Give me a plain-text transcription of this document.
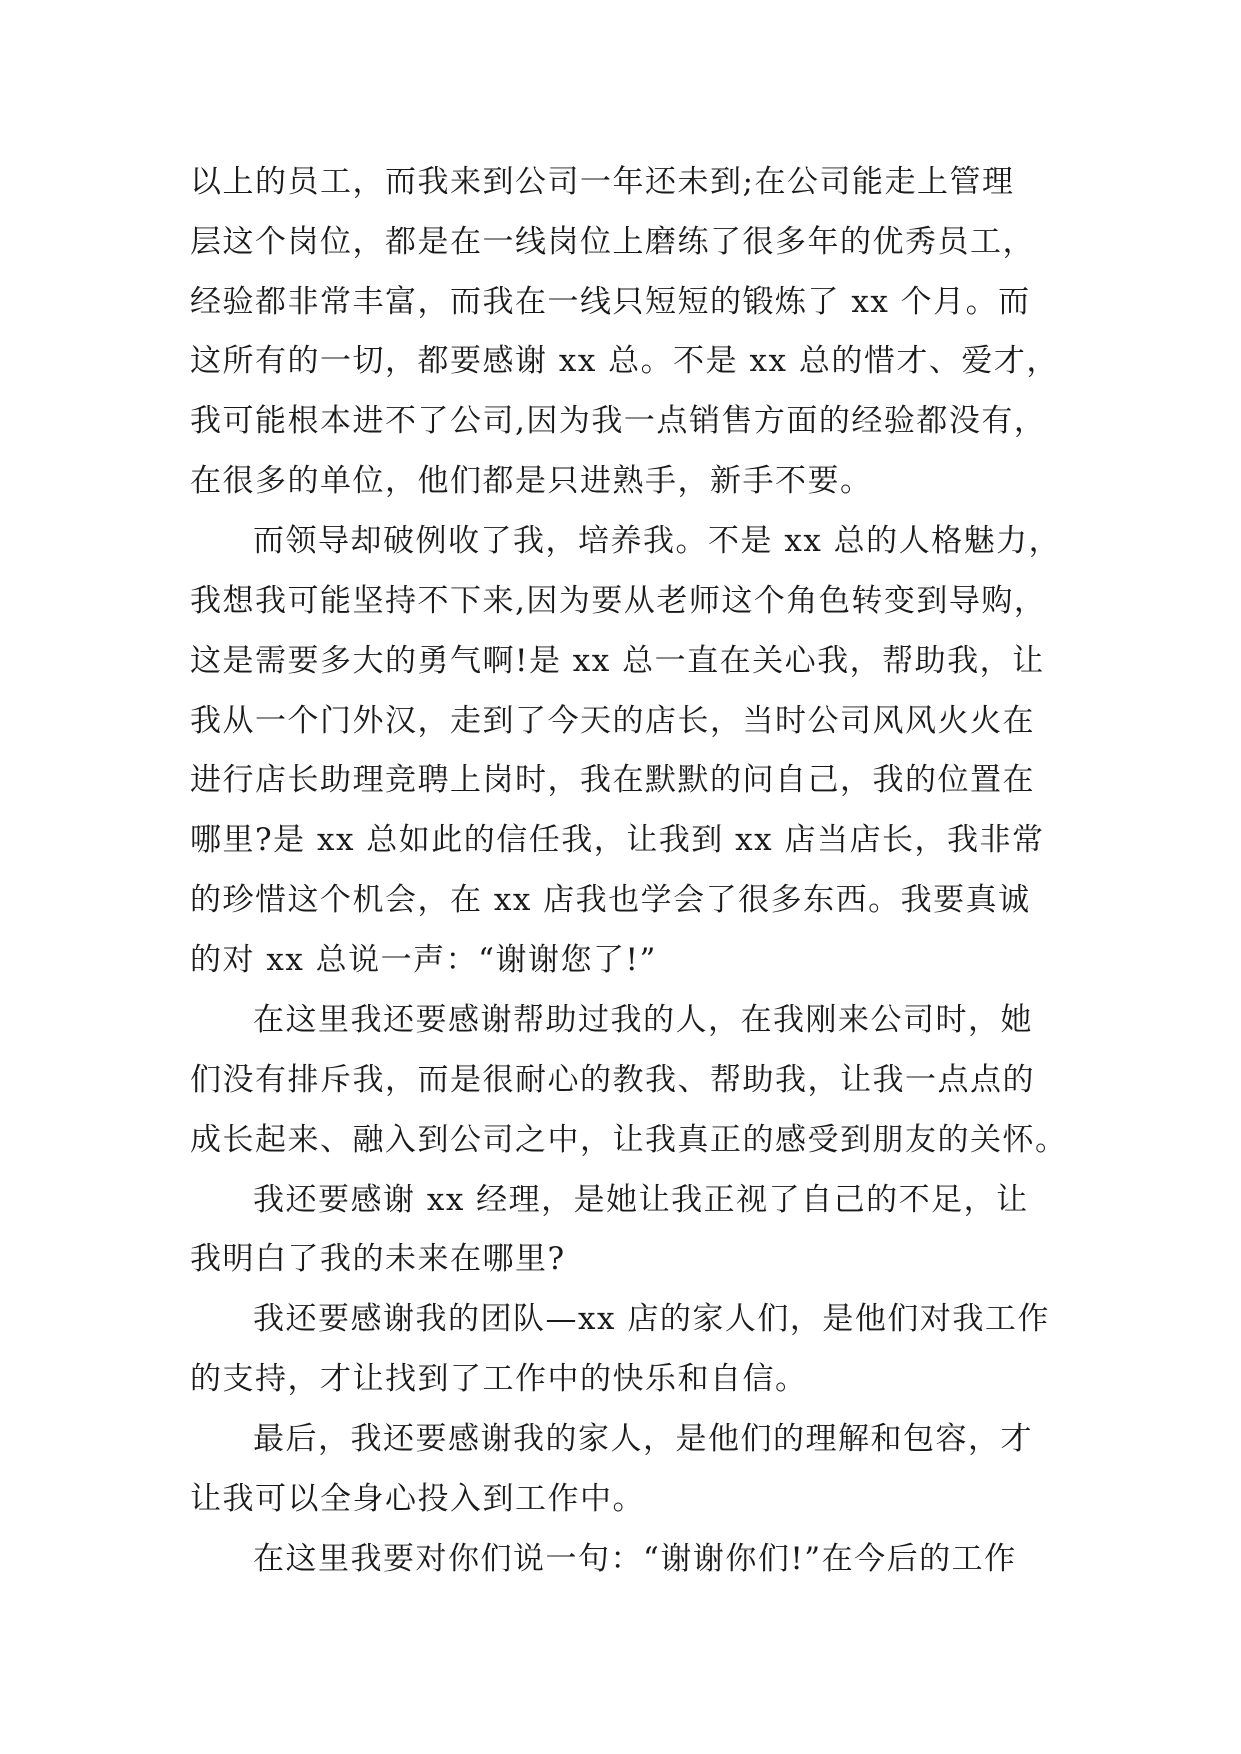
以上的员工，而我来到公司一年还未到;在公司能走上管理
层这个岗位，都是在一线岗位上磨练了很多年的优秀员工，
经验都非常丰富，而我在一线只短短的锻炼了 xx 个月。而
这所有的一切，都要感谢 xx 总。不是 xx 总的惜才、爱才，
我可能根本进不了公司,因为我一点销售方面的经验都没有，
在很多的单位，他们都是只进熟手，新手不要。
而领导却破例收了我，培养我。不是 xx 总的人格魅力，
我想我可能坚持不下来,因为要从老师这个角色转变到导购，
这是需要多大的勇气啊!是 xx 总一直在关心我，帮助我，让
我从一个门外汉，走到了今天的店长，当时公司风风火火在
进行店长助理竞聘上岗时，我在默默的问自己，我的位置在
哪里?是 xx 总如此的信任我，让我到 xx 店当店长，我非常
的珍惜这个机会，在 xx 店我也学会了很多东西。我要真诚
的对 xx 总说一声：“谢谢您了!”
在这里我还要感谢帮助过我的人，在我刚来公司时，她
们没有排斥我，而是很耐心的教我、帮助我，让我一点点的
成长起来、融入到公司之中，让我真正的感受到朋友的关怀。
我还要感谢 xx 经理，是她让我正视了自己的不足，让
我明白了我的未来在哪里?
我还要感谢我的团队—xx 店的家人们，是他们对我工作
的支持，才让找到了工作中的快乐和自信。
最后，我还要感谢我的家人，是他们的理解和包容，才
让我可以全身心投入到工作中。
在这里我要对你们说一句：“谢谢你们!”在今后的工作
